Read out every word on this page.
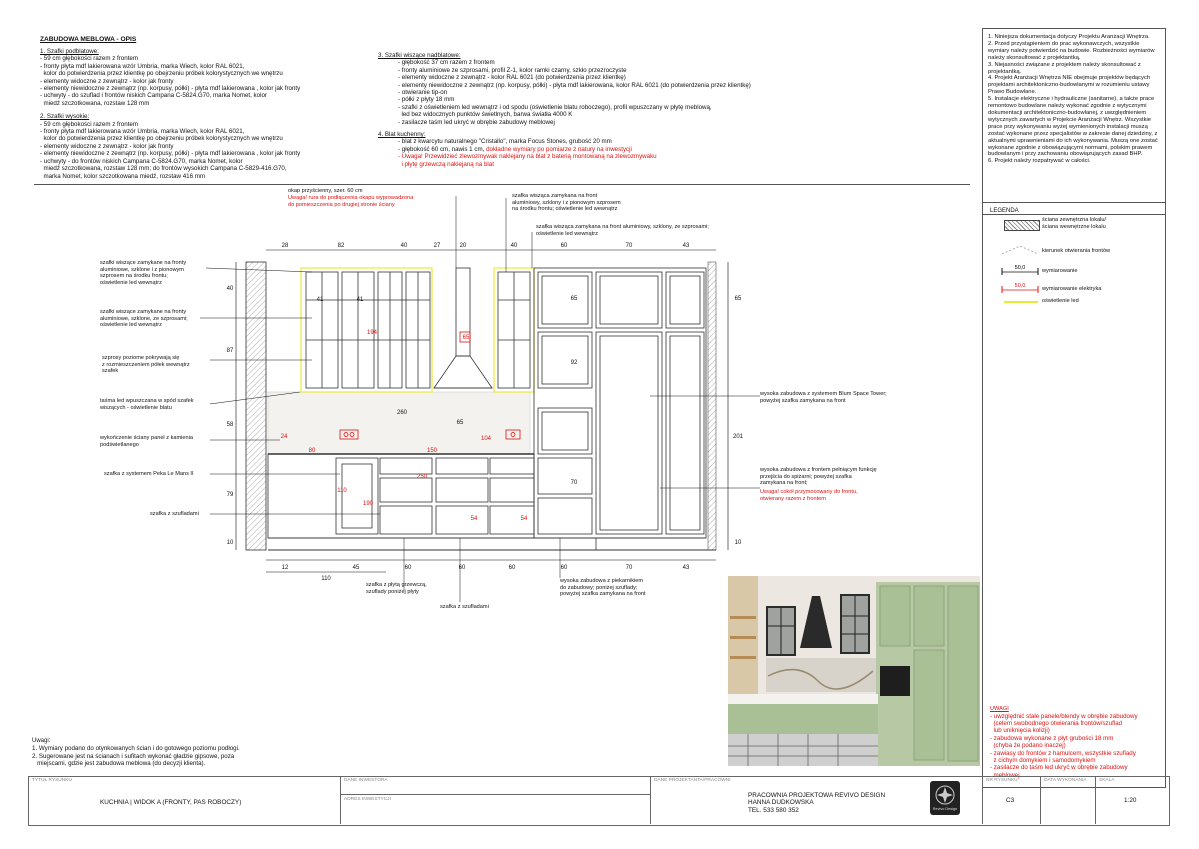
ZABUDOWA MEBLOWA - OPIS
1. Szafki podblatowe:
- 59 cm głębokości razem z frontem
- fronty płyta mdf lakierowana wzór Umbria, marka Wiech, kolor RAL 6021,
kolor do potwierdzenia przez klientkę po obejrzeniu próbek kolorystycznych we wnętrzu
- elementy widoczne z zewnątrz - kolor jak fronty
- elementy niewidoczne z zewnątrz (np. korpusy, półki) - płyta mdf lakierowana , kolor jak fronty
- uchwyty - do szuflad i frontów niskich Campana C-5824.G70, marka Nomet, kolor
miedź szczotkowana, rozstaw 128 mm
2. Szafki wysokie:
- 59 cm głębokości razem z frontem
- fronty płyta mdf lakierowana wzór Umbria, marka Wiech, kolor RAL 6021,
kolor do potwierdzenia przez klientkę po obejrzeniu próbek kolorystycznych we wnętrzu
- elementy widoczne z zewnątrz - kolor jak fronty
- elementy niewidoczne z zewnątrz (np. korpusy, półki) - płyta mdf lakierowana , kolor jak fronty
- uchwyty - do frontów niskich Campana C-5824.G70, marka Nomet, kolor
miedź szczotkowana, rozstaw 128 mm; do frontów wysokich Campana C-5829-416.G70,
marka Nomet, kolor szczotkowana miedź, rozstaw 416 mm
3. Szafki wiszące nadblatowe:
- głębokość 37 cm razem z frontem
- fronty aluminiowe ze szprosami, profil Z-1, kolor ramki czarny, szkło przezroczyste
- elementy widoczne z zewnątrz - kolor RAL 6021 (do potwierdzenia przez klientkę)
- elementy niewidoczne z zewnątrz (np. korpusy, półki) - płyta mdf lakierowana, kolor RAL 6021 (do potwierdzenia przez klientkę)
- otwieranie tip-on
- półki z płyty 18 mm
- szafki z oświetleniem led wewnątrz i od spodu (oświetlenie blatu roboczego), profil wpuszczany w płytę meblową,
led bez widocznych punktów świetlnych, barwa światła 4000 K
- zasilacze taśm led ukryć w obrębie zabudowy meblowej
4. Blat kuchenny:
- blat z kwarcytu naturalnego "Cristallo", marka Focus Stones, grubość 20 mm
- głębokość 60 cm, nawis 1 cm, dokładne wymiary po pomiarze z natury na inwestycji
- Uwaga! Przewidzieć zlewozmywak naklejany na blat z baterią montowaną na zlewozmywaku
i płytę grzewczą naklejaną na blat
1. Niniejsza dokumentacja dotyczy Projektu Aranżacji Wnętrza.
2. Przed przystąpieniem do prac wykonawczych, wszystkie wymiary należy potwierdzić na budowie. Rozbieżności wymiarów należy skonsultować z projektantką.
3. Niejasności związane z projektem należy skonsultować z projektantką.
4. Projekt Aranżacji Wnętrza NIE obejmuje projektów będących projektami architektoniczno-budowlanymi w rozumieniu ustawy Prawo Budowlane.
5. Instalacje elektryczne i hydrauliczne (sanitarne), a także prace remontowo budowlane należy wykonać zgodnie z wytycznymi dokumentacji architektoniczno-budowlanej, z uwzględnieniem wytycznych zawartych w Projekcie Aranżacji Wnętrz. Wszystkie prace przy wykonywaniu wyżej wymienionych instalacji muszą zostać wykonane przez specjalistów w zakresie danej dziedziny, z aktualnymi uprawnieniami do ich wykonywania. Muszą one zostać wykonane zgodnie z obowiązującymi normami, polskim prawem budowlanym i przy zachowaniu obowiązujących zasad BHP.
6. Projekt należy rozpatrywać w całości.
LEGENDA
ściana zewnętrzna lokalu/
ściana wewnętrzne lokalu
kierunek otwierania frontów
50,0	wymiarowanie
50,0	wymiarowanie elektryka
oświetlenie led
UWAGI
- uwzględnić stałe panele/blendy w obrębie zabudowy
(celem swobodnego otwierania frontów/szuflad
lub uniknięcia kolizji)
- zabudowa wykonane z płyt grubości 18 mm
(chyba że podano inaczej)
- zawiasy do frontów z hamulcem, wszystkie szuflady
z cichym domykiem i samodomykiem
- zasilacze do taśm led ukryć w obrębie zabudowy
meblowej
Uwagi:
1. Wymiary podano do otynkowanych ścian i do gotowego poziomu podłogi.
2. Sugerowane jest na ścianach i sufitach wykonać gładzie gipsowe, poza
miejscami, gdzie jest zabudowa meblowa (do decyzji klienta).
TYTUŁ RYSUNKU
KUCHNIA | WIDOK A (FRONTY, PAS ROBOCZY)
DANE INWESTORA
ADRES INWESTYCJI
DANE PROJEKTANTA/PRACOWNI
PRACOWNIA PROJEKTOWA REVIVO DESIGN
HANNA DUDKOWSKA
TEL. 533 580 352	Revivo Design
NR RYSUNKU
C3
DATA WYKONANIA	SKALA
1:20
28	82	40	27	20	40	60	70	43
12	45	60	60	60	60	70	43
110
40
87
58
79
10
65
201
10
41	41
194
65
92
65
260
65
150
80
250
104
24
110
190
54	54
70
szafki wiszące zamykane na fronty
aluminiowe, szklone i z pionowym
szprosem na środku frontu;
oświetlenie led wewnątrz
szafki wiszące zamykane na fronty
aluminiowe, szklone, ze szprosami;
oświetlenie led wewnątrz
szprosy poziome pokrywają się
z rozmieszczeniem półek wewnątrz
szafek
taśma led wpuszczana w spód szafek
wiszących - oświetlenie blatu
wykończenie ściany panel z kamienia
podświetlanego
szafka z systemem Peka Le Mans II
szafka z szufladami
okap przyścienny, szer. 60 cm
Uwaga! rura do podłączenia okapu wyprowadzona
do pomieszczenia po drugiej stronie ściany
szafka wisząca zamykana na front
aluminiowy, szklony i z pionowym szprosem
na środku frontu; oświetlenie led wewnątrz
szafka wisząca zamykana na front aluminiowy, szklony, ze szprosami;
oświetlenie led wewnątrz
wysoka zabudowa z systemem Blum Space Tower;
powyżej szafka zamykana na front
wysoka zabudowa z frontem pełniącym funkcję
przejścia do spiżarni; powyżej szafka
zamykana na front;
Uwaga! cokół przymocowany do frontu,
otwierany razem z frontem
szafka z płytą grzewczą,
szuflady poniżej płyty
szafka z szufladami
wysoka zabudowa z piekarnikiem
do zabudowy; poniżej szuflady;
powyżej szafka zamykana na front
